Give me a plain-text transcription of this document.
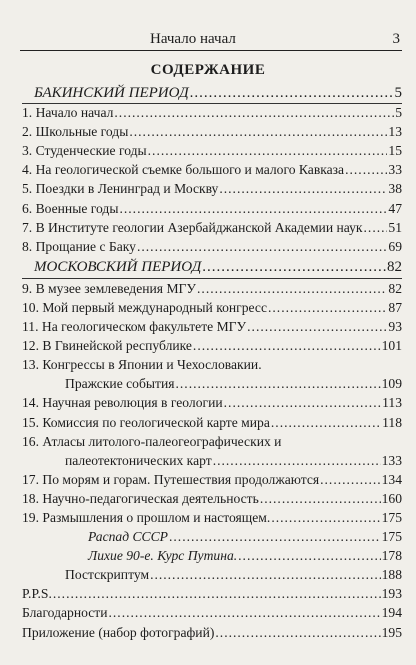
Начало начал	3
СОДЕРЖАНИЕ
БАКИНСКИЙ ПЕРИОД .....	5
1. Начало начал .....	5
2. Школьные годы .....	13
3. Студенческие годы .....	15
4. На геологической съемке большого и малого Кавказа .....	33
5. Поездки в Ленинград и Москву .....	38
6. Военные годы .....	47
7. В Институте геологии Азербайджанской Академии наук ..... 51
8. Прощание с Баку .....	69
МОСКОВСКИЙ ПЕРИОД .....	82
9. В музее землеведения МГУ .....	82
10. Мой первый международный конгресс .....	87
11. На геологическом факультете МГУ .....	93
12. В Гвинейской республике .....	101
13. Конгрессы в Японии и Чехословакии.
Пражские события .....	109
14. Научная революция в геологии .....	113
15. Комиссия по геологической карте мира .....	118
16. Атласы литолого-палеогеографических и
палеотектонических карт .....	133
17. По морям и горам. Путешествия продолжаются .....	134
18. Научно-педагогическая деятельность .....	160
19. Размышления о прошлом и настоящем. .....	175
Распад СССР .....	175
Лихие 90-е. Курс Путина. .....	178
Постскриптум .....	188
P.P.S. .....	193
Благодарности .....	194
Приложение (набор фотографий) .....	195
